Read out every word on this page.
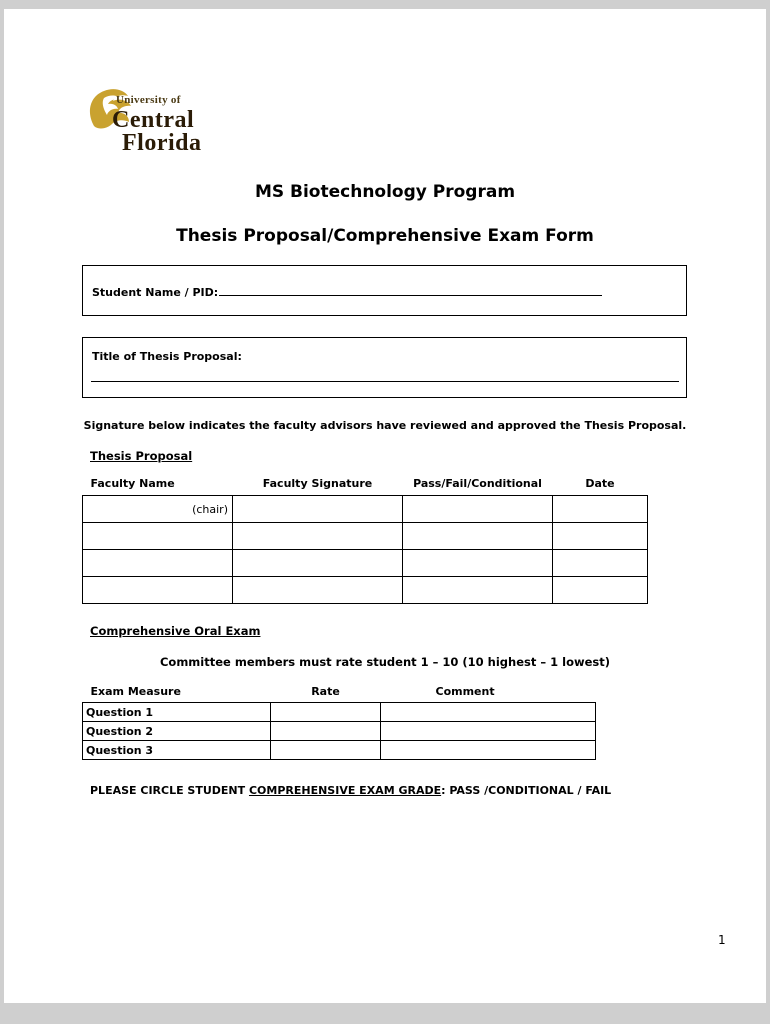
University of
Central
Florida
MS Biotechnology Program
Thesis Proposal/Comprehensive Exam Form
Student Name / PID:
Title of Thesis Proposal:
Signature below indicates the faculty advisors have reviewed and approved the Thesis Proposal.
Thesis Proposal
Faculty Name	Faculty Signature	Pass/Fail/Conditional	Date
(chair)			

Comprehensive Oral Exam
Committee members must rate student 1 – 10 (10 highest – 1 lowest)
Exam Measure	Rate	Comment
Question 1		
Question 2		
Question 3		
PLEASE CIRCLE STUDENT COMPREHENSIVE EXAM GRADE: PASS /CONDITIONAL / FAIL
1
